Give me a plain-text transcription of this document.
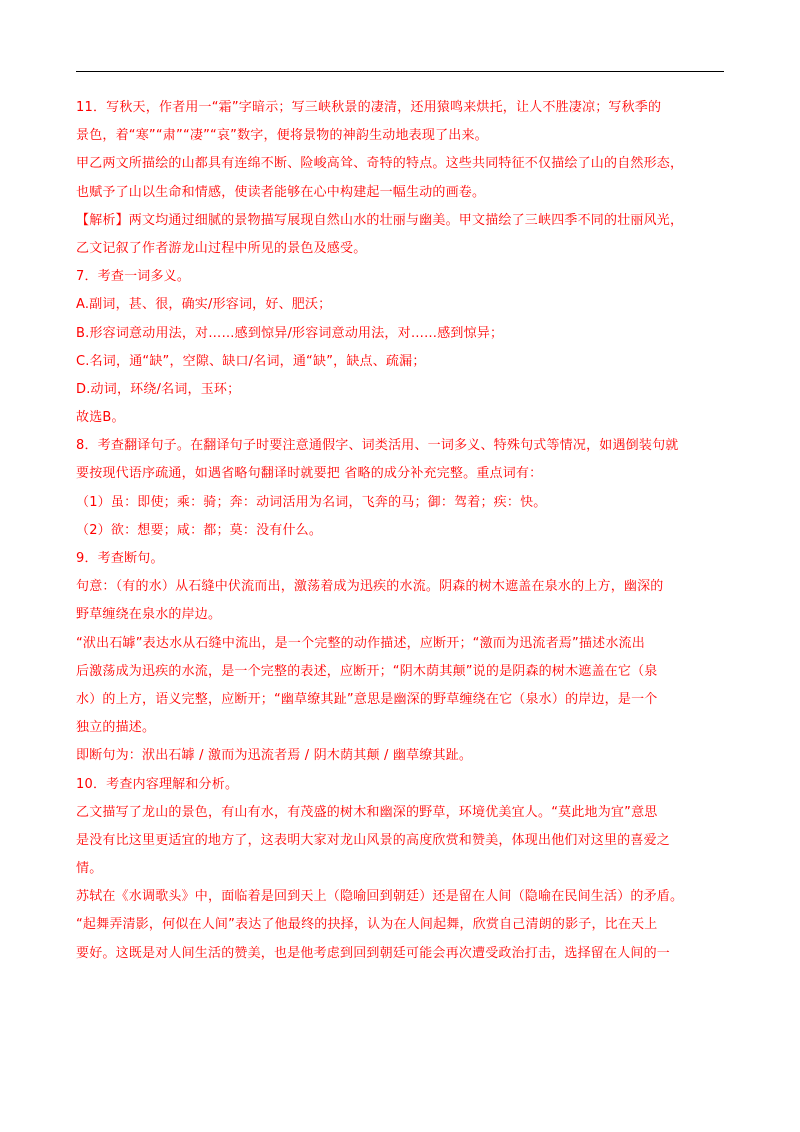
11．写秋天，作者用一“霜”字暗示；写三峡秋景的凄清，还用猿鸣来烘托，让人不胜凄凉；写秋季的
景色，着“寒”“肃”“凄”“哀”数字，便将景物的神韵生动地表现了出来。
甲乙两文所描绘的山都具有连绵不断、险峻高耸、奇特的特点。这些共同特征不仅描绘了山的自然形态，
也赋予了山以生命和情感，使读者能够在心中构建起一幅生动的画卷。
【解析】两文均通过细腻的景物描写展现自然山水的壮丽与幽美。甲文描绘了三峡四季不同的壮丽风光，
乙文记叙了作者游龙山过程中所见的景色及感受。
7．考查一词多义。
A.副词，甚、很，确实/形容词，好、肥沃；
B.形容词意动用法，对……感到惊异/形容词意动用法，对……感到惊异；
C.名词，通“缺”，空隙、缺口/名词，通“缺”，缺点、疏漏；
D.动词，环绕/名词，玉环；
故选B。
8．考查翻译句子。在翻译句子时要注意通假字、词类活用、一词多义、特殊句式等情况，如遇倒装句就
要按现代语序疏通，如遇省略句翻译时就要把 省略的成分补充完整。重点词有：
（1）虽：即使；乘：骑；奔：动词活用为名词，飞奔的马；御：驾着；疾：快。
（2）欲：想要；咸：都；莫：没有什么。
9．考查断句。
句意：（有的水）从石缝中伏流而出，激荡着成为迅疾的水流。阴森的树木遮盖在泉水的上方，幽深的
野草缠绕在泉水的岸边。
“洑出石罅”表达水从石缝中流出，是一个完整的动作描述，应断开；“激而为迅流者焉”描述水流出
后激荡成为迅疾的水流，是一个完整的表述，应断开；“阴木荫其颠”说的是阴森的树木遮盖在它（泉
水）的上方，语义完整，应断开；“幽草缭其趾”意思是幽深的野草缠绕在它（泉水）的岸边，是一个
独立的描述。
即断句为：洑出石罅 / 激而为迅流者焉 / 阴木荫其颠 / 幽草缭其趾。
10．考查内容理解和分析。
乙文描写了龙山的景色，有山有水，有茂盛的树木和幽深的野草，环境优美宜人。“莫此地为宜”意思
是没有比这里更适宜的地方了，这表明大家对龙山风景的高度欣赏和赞美，体现出他们对这里的喜爱之
情。
苏轼在《水调歌头》中，面临着是回到天上（隐喻回到朝廷）还是留在人间（隐喻在民间生活）的矛盾。
“起舞弄清影，何似在人间”表达了他最终的抉择，认为在人间起舞，欣赏自己清朗的影子，比在天上
要好。这既是对人间生活的赞美，也是他考虑到回到朝廷可能会再次遭受政治打击，选择留在人间的一
